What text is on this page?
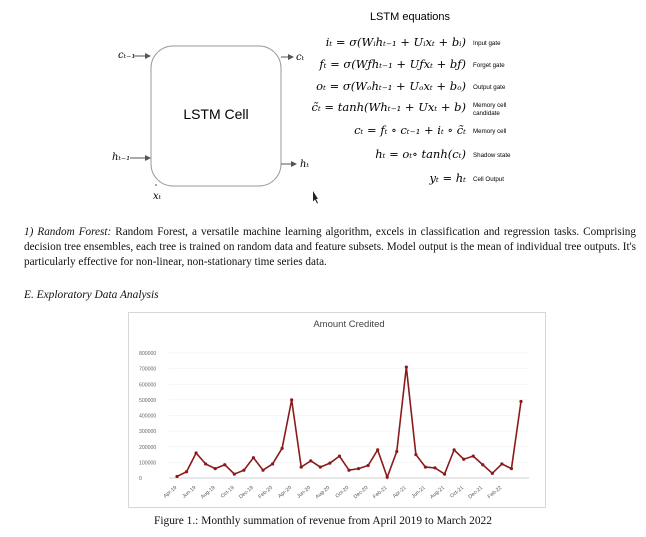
LSTM Cell
cₜ₋₁
hₜ₋₁
xₜ
cₜ
hₜ
LSTM equations
iₜ = σ(Wᵢhₜ₋₁ + Uᵢxₜ + bᵢ) Input gate
fₜ = σ(Wƒhₜ₋₁ + Uƒxₜ + bƒ) Forget gate
oₜ = σ(Wₒhₜ₋₁ + Uₒxₜ + bₒ) Output gate
c̃ₜ = tanh(Whₜ₋₁ + Uxₜ + b) Memory cell
candidate
cₜ = fₜ ∘ cₜ₋₁ + iₜ ∘ c̃ₜ Memory cell
hₜ = oₜ∘ tanh(cₜ) Shadow state
yₜ = hₜ Cell Output
1) Random Forest: Random Forest, a versatile machine learning algorithm, excels in classification and regression tasks. Comprising decision tree ensembles, each tree is trained on random data and feature subsets. Model output is the mean of individual tree outputs. It's particularly effective for non-linear, non-stationary time series data.
E. Exploratory Data Analysis
Amount Credited
0
100000
200000
300000
400000
500000
600000
700000
800000
Apr-19 Jun-19 Aug-19 Oct-19 Dec-19 Feb-20 Apr-20 Jun-20 Aug-20 Oct-20 Dec-20 Feb-21 Apr-21 Jun-21 Aug-21 Oct-21 Dec-21 Feb-22
Figure 1.: Monthly summation of revenue from April 2019 to March 2022
